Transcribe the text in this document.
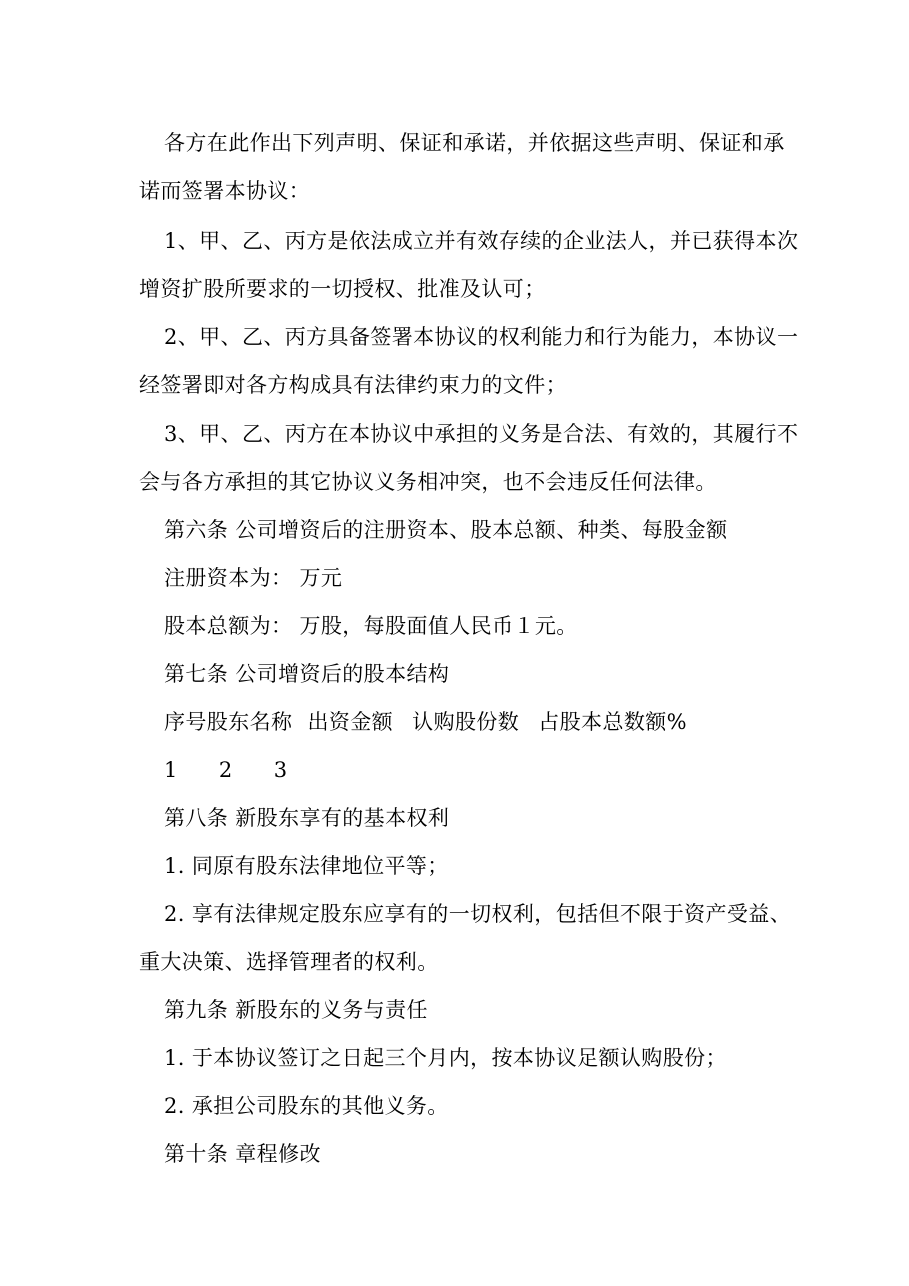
各方在此作出下列声明、保证和承诺，并依据这些声明、保证和承
诺而签署本协议：
1、甲、乙、丙方是依法成立并有效存续的企业法人，并已获得本次
增资扩股所要求的一切授权、批准及认可；
2、甲、乙、丙方具备签署本协议的权利能力和行为能力，本协议一
经签署即对各方构成具有法律约束力的文件；
3、甲、乙、丙方在本协议中承担的义务是合法、有效的，其履行不
会与各方承担的其它协议义务相冲突，也不会违反任何法律。
第六条 公司增资后的注册资本、股本总额、种类、每股金额
注册资本为： 万元
股本总额为： 万股，每股面值人民币１元。
第七条 公司增资后的股本结构
序号股东名称 出资金额 认购股份数 占股本总数额%
1 2 3
第八条 新股东享有的基本权利
1. 同原有股东法律地位平等；
2. 享有法律规定股东应享有的一切权利，包括但不限于资产受益、
重大决策、选择管理者的权利。
第九条 新股东的义务与责任
1. 于本协议签订之日起三个月内，按本协议足额认购股份；
2. 承担公司股东的其他义务。
第十条 章程修改
